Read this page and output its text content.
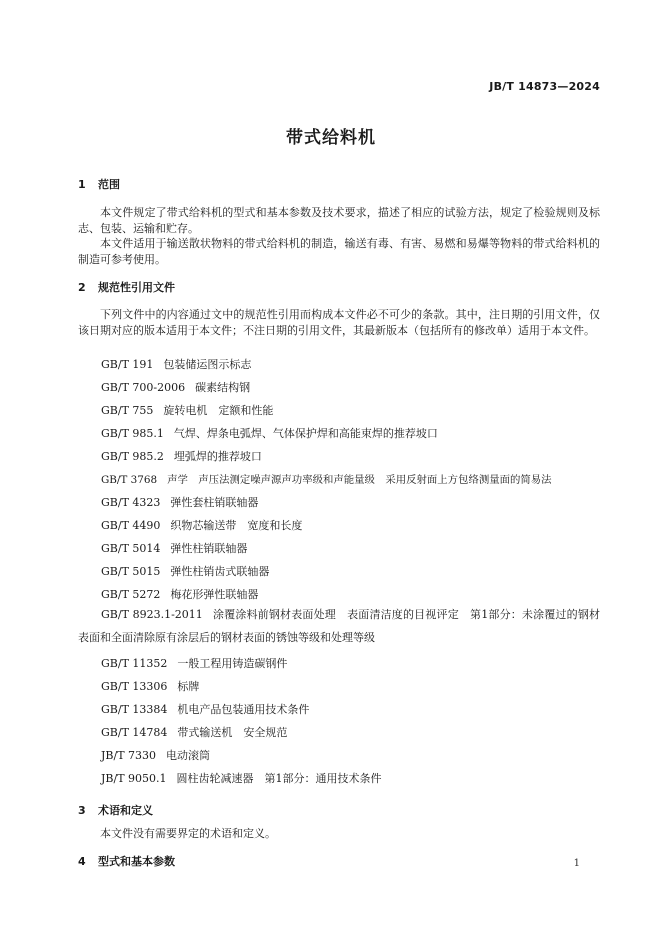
JB/T 14873—2024
带式给料机
1 范围
本文件规定了带式给料机的型式和基本参数及技术要求，描述了相应的试验方法，规定了检验规则及标志、包装、运输和贮存。
本文件适用于输送散状物料的带式给料机的制造，输送有毒、有害、易燃和易爆等物料的带式给料机的制造可参考使用。
2 规范性引用文件
下列文件中的内容通过文中的规范性引用而构成本文件必不可少的条款。其中，注日期的引用文件，仅该日期对应的版本适用于本文件；不注日期的引用文件，其最新版本（包括所有的修改单）适用于本文件。
GB/T 191 包装储运图示标志
GB/T 700-2006 碳素结构钢
GB/T 755 旋转电机　定额和性能
GB/T 985.1 气焊、焊条电弧焊、气体保护焊和高能束焊的推荐坡口
GB/T 985.2 埋弧焊的推荐坡口
GB/T 3768 声学　声压法测定噪声源声功率级和声能量级　采用反射面上方包络测量面的简易法
GB/T 4323 弹性套柱销联轴器
GB/T 4490 织物芯输送带　宽度和长度
GB/T 5014 弹性柱销联轴器
GB/T 5015 弹性柱销齿式联轴器
GB/T 5272 梅花形弹性联轴器
GB/T 8923.1-2011 涂覆涂料前钢材表面处理　表面清洁度的目视评定　第1部分：未涂覆过的钢材表面和全面清除原有涂层后的钢材表面的锈蚀等级和处理等级
GB/T 11352 一般工程用铸造碳钢件
GB/T 13306 标牌
GB/T 13384 机电产品包装通用技术条件
GB/T 14784 带式输送机　安全规范
JB/T 7330 电动滚筒
JB/T 9050.1 圆柱齿轮减速器　第1部分：通用技术条件
3 术语和定义
本文件没有需要界定的术语和定义。
4 型式和基本参数	1
